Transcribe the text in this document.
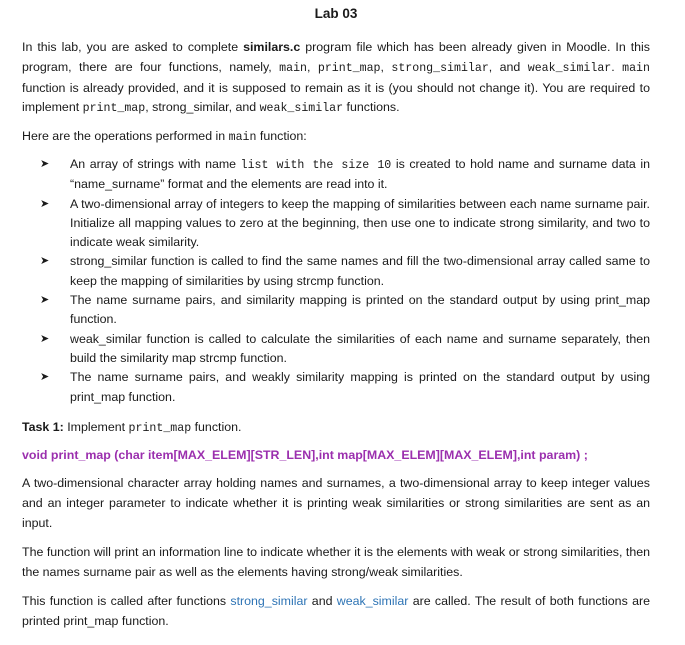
Lab 03

In this lab, you are asked to complete similars.c program file which has been already given in Moodle. In this program, there are four functions, namely, main, print_map, strong_similar, and weak_similar. main function is already provided, and it is supposed to remain as it is (you should not change it). You are required to implement print_map, strong_similar, and weak_similar functions.

Here are the operations performed in main function:

➤ An array of strings with name list with the size 10 is created to hold name and surname data in “name_surname” format and the elements are read into it.
➤ A two-dimensional array of integers to keep the mapping of similarities between each name surname pair. Initialize all mapping values to zero at the beginning, then use one to indicate strong similarity, and two to indicate weak similarity.
➤ strong_similar function is called to find the same names and fill the two-dimensional array called same to keep the mapping of similarities by using strcmp function.
➤ The name surname pairs, and similarity mapping is printed on the standard output by using print_map function.
➤ weak_similar function is called to calculate the similarities of each name and surname separately, then build the similarity map strcmp function.
➤ The name surname pairs, and weakly similarity mapping is printed on the standard output by using print_map function.

Task 1: Implement print_map function.

void print_map (char item[MAX_ELEM][STR_LEN],int map[MAX_ELEM][MAX_ELEM],int param) ;

A two-dimensional character array holding names and surnames, a two-dimensional array to keep integer values and an integer parameter to indicate whether it is printing weak similarities or strong similarities are sent as an input.

The function will print an information line to indicate whether it is the elements with weak or strong similarities, then the names surname pair as well as the elements having strong/weak similarities.

This function is called after functions strong_similar and weak_similar are called. The result of both functions are printed print_map function.
